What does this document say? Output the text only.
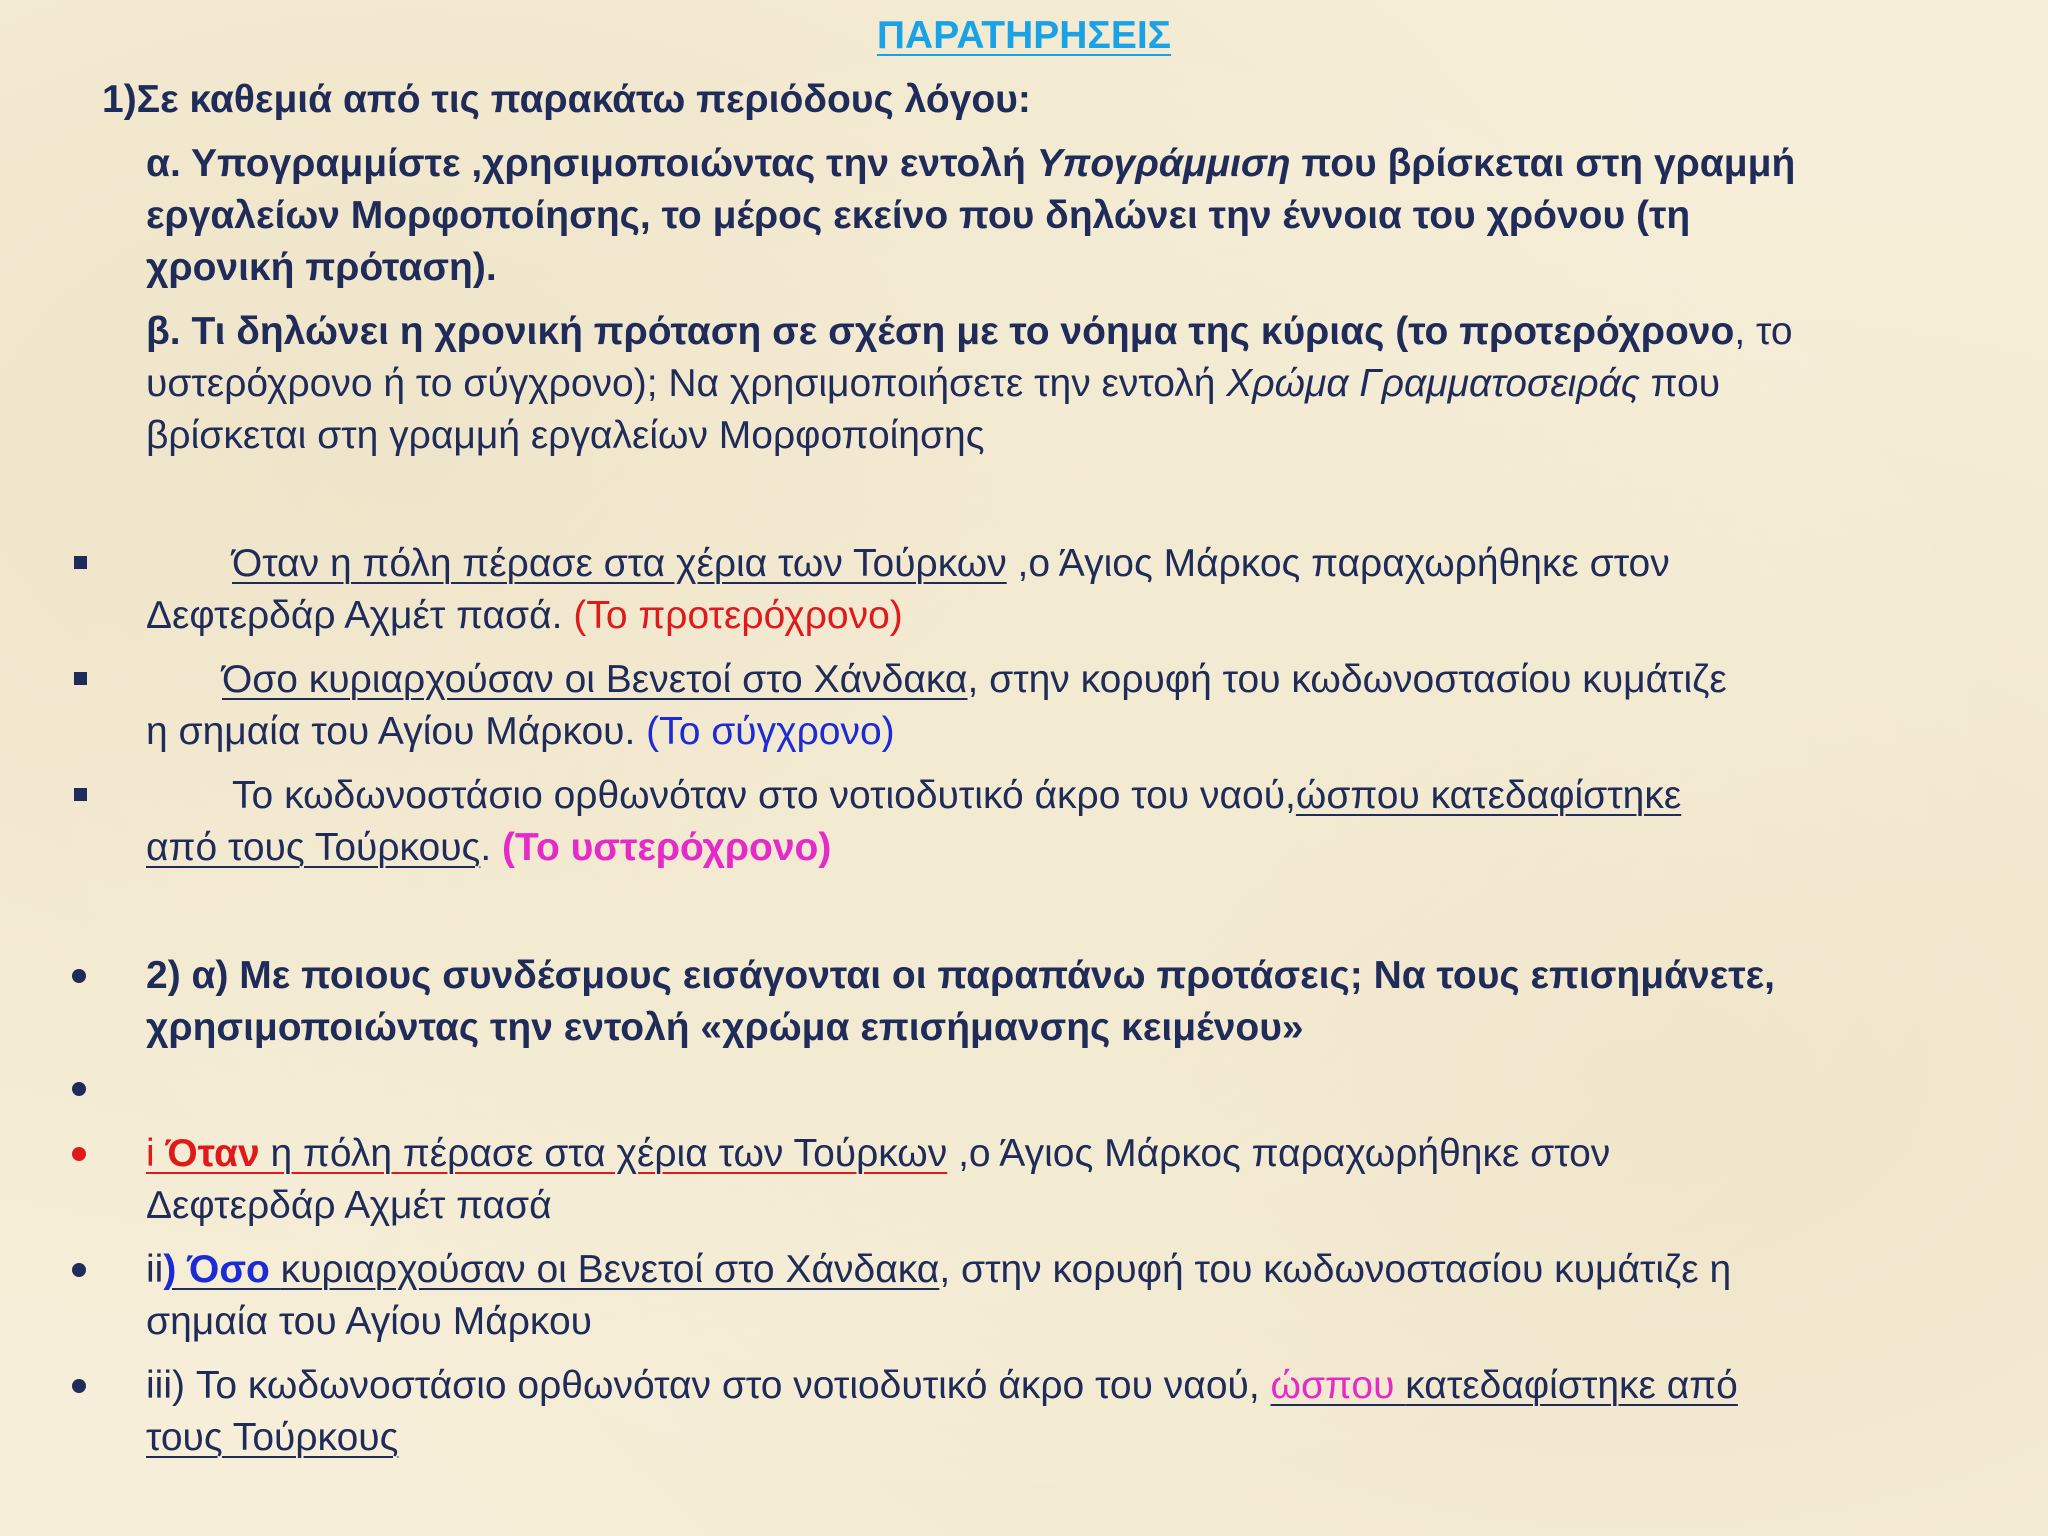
ΠΑΡΑΤΗΡΗΣΕΙΣ
1)Σε καθεμιά από τις παρακάτω περιόδους λόγου:
α. Υπογραμμίστε ,χρησιμοποιώντας την εντολή Υπογράμμιση που βρίσκεται στη γραμμή
εργαλείων Μορφοποίησης, το μέρος εκείνο που δηλώνει την έννοια του χρόνου (τη
χρονική πρόταση).
β. Τι δηλώνει η χρονική πρόταση σε σχέση με το νόημα της κύριας (το προτερόχρονο, το
υστερόχρονο ή το σύγχρονο); Να χρησιμοποιήσετε την εντολή Χρώμα Γραμματοσειράς που
βρίσκεται στη γραμμή εργαλείων Μορφοποίησης
Όταν η πόλη πέρασε στα χέρια των Τούρκων ,ο Άγιος Μάρκος παραχωρήθηκε στον
Δεφτερδάρ Αχμέτ πασά. (Το προτερόχρονο)
Όσο κυριαρχούσαν οι Βενετοί στο Χάνδακα, στην κορυφή του κωδωνοστασίου κυμάτιζε
η σημαία του Αγίου Μάρκου. (Το σύγχρονο)
Το κωδωνοστάσιο ορθωνόταν στο νοτιοδυτικό άκρο του ναού,ώσπου κατεδαφίστηκε
από τους Τούρκους. (Το υστερόχρονο)
2) α) Με ποιους συνδέσμους εισάγονται οι παραπάνω προτάσεις; Να τους επισημάνετε,
χρησιμοποιώντας την εντολή «χρώμα επισήμανσης κειμένου»
i Όταν η πόλη πέρασε στα χέρια των Τούρκων ,ο Άγιος Μάρκος παραχωρήθηκε στον
Δεφτερδάρ Αχμέτ πασά
ii) Όσο κυριαρχούσαν οι Βενετοί στο Χάνδακα, στην κορυφή του κωδωνοστασίου κυμάτιζε η
σημαία του Αγίου Μάρκου
iii) Το κωδωνοστάσιο ορθωνόταν στο νοτιοδυτικό άκρο του ναού, ώσπου κατεδαφίστηκε από
τους Τούρκους
